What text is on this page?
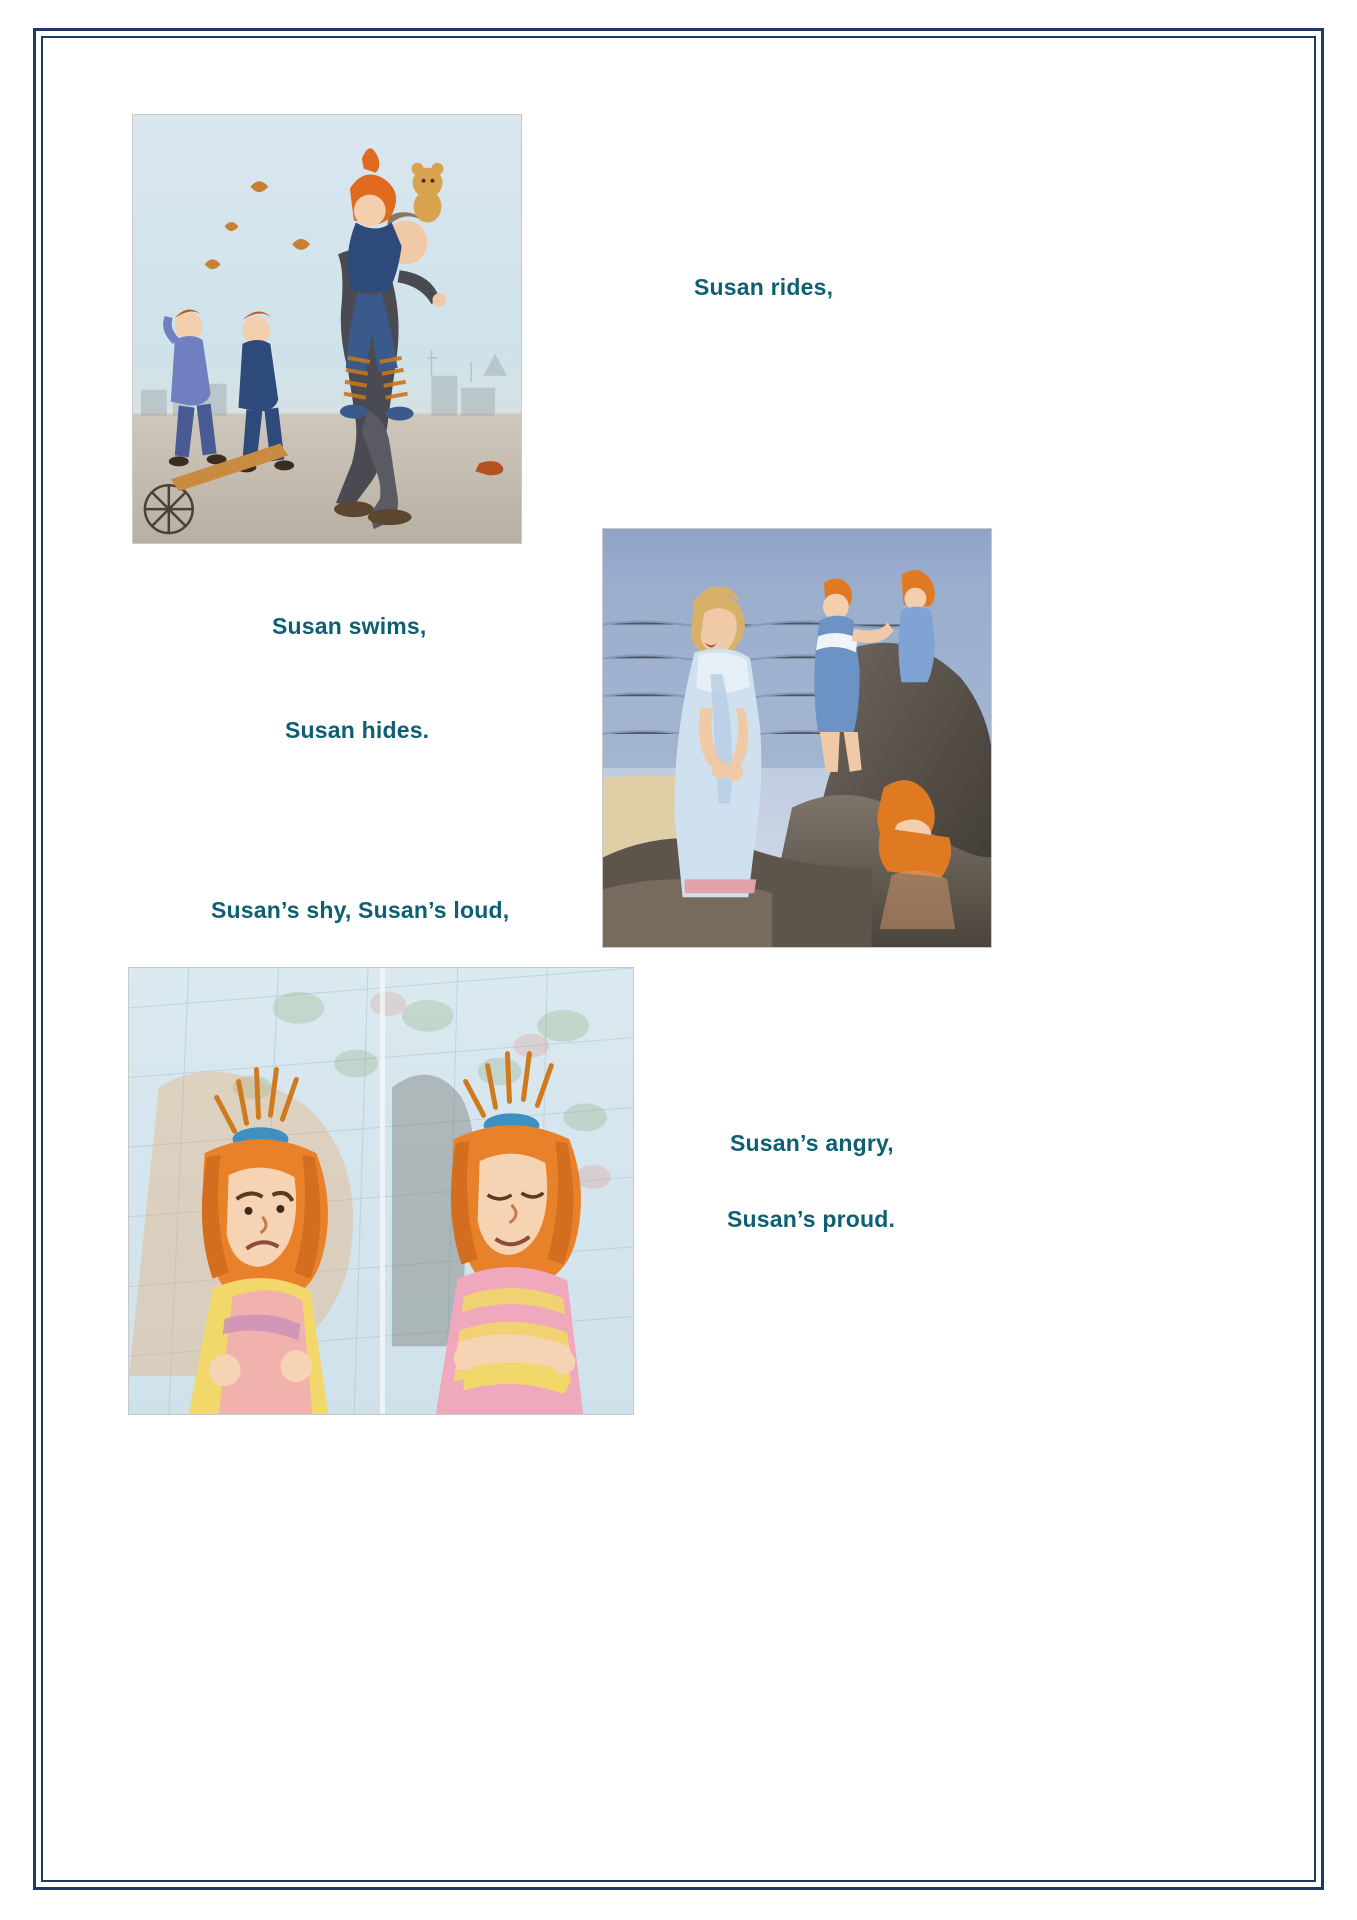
Susan rides,
Susan swims,
Susan hides.
Susan’s shy, Susan’s loud,
Susan’s angry,
Susan’s proud.
